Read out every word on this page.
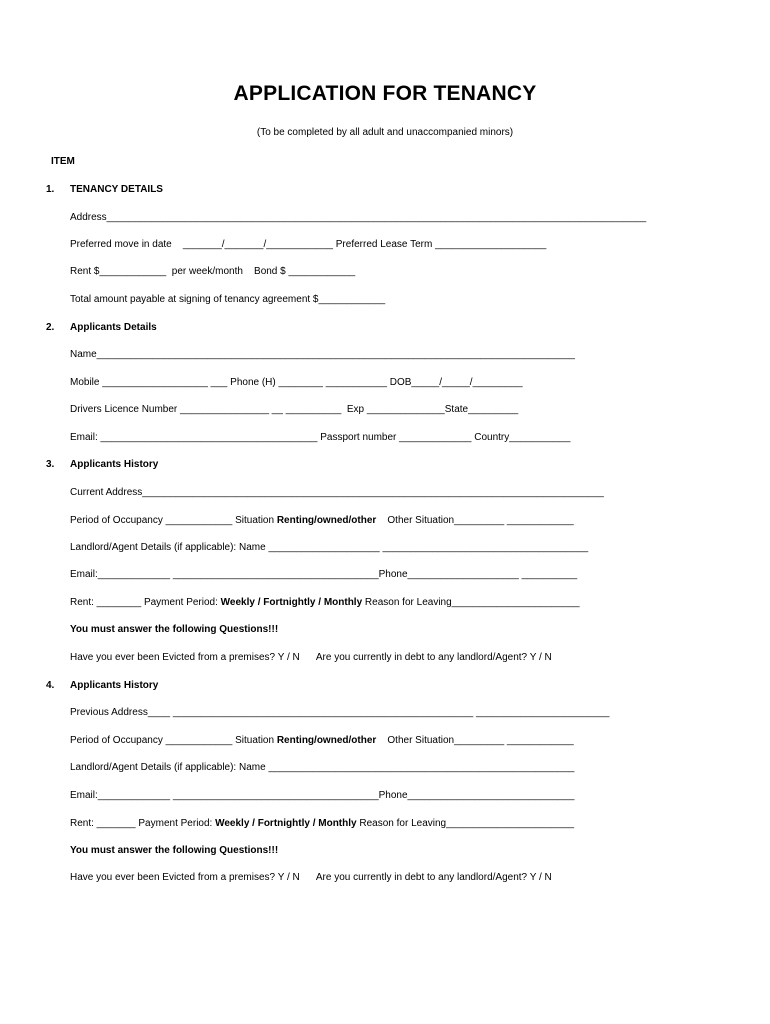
APPLICATION FOR TENANCY
(To be completed by all adult and unaccompanied minors)
ITEM
1. TENANCY DETAILS
Address_________________________________________________________________________________________________
Preferred move in date    _______/_______/____________ Preferred Lease Term ____________________
Rent $____________  per week/month    Bond $ ____________
Total amount payable at signing of tenancy agreement $____________
2. Applicants Details
Name______________________________________________________________________________________
Mobile ___________________ ___ Phone (H) ________ ___________ DOB_____/_____/_________
Drivers Licence Number ________________ __ __________  Exp ______________State_________
Email: _______________________________________ Passport number _____________ Country___________
3. Applicants History
Current Address___________________________________________________________________________________
Period of Occupancy ____________ Situation Renting/owned/other    Other Situation_________ ____________
Landlord/Agent Details (if applicable): Name ____________________ _____________________________________
Email:_____________ _____________________________________Phone____________________ __________
Rent: ________ Payment Period: Weekly / Fortnightly / Monthly Reason for Leaving_______________________
You must answer the following Questions!!!
Have you ever been Evicted from a premises? Y / N      Are you currently in debt to any landlord/Agent? Y / N
4. Applicants History
Previous Address____ ______________________________________________________ ________________________
Period of Occupancy ____________ Situation Renting/owned/other    Other Situation_________ ____________
Landlord/Agent Details (if applicable): Name _______________________________________________________
Email:_____________ _____________________________________Phone______________________________
Rent: _______ Payment Period: Weekly / Fortnightly / Monthly Reason for Leaving_______________________
You must answer the following Questions!!!
Have you ever been Evicted from a premises? Y / N      Are you currently in debt to any landlord/Agent? Y / N
